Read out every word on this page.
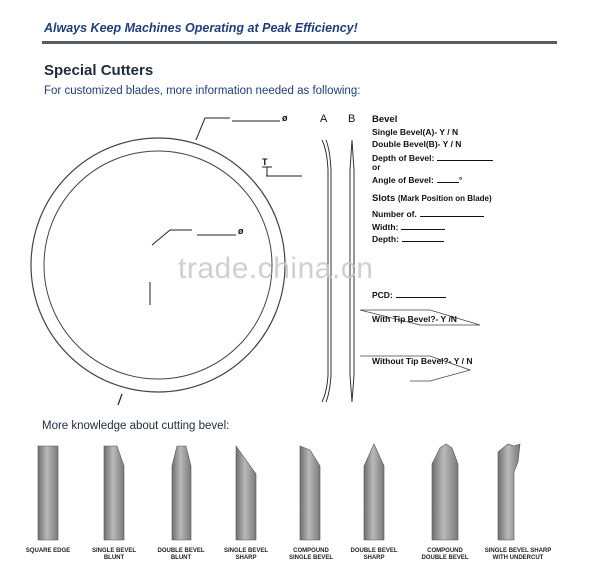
Always Keep Machines Operating at Peak Efficiency!
Special Cutters
For customized blades, more information needed as following:
ø
ø
T
A B Bevel
Single Bevel(A)- Y / N
Double Bevel(B)- Y / N
Depth of Bevel:
or
Angle of Bevel:	°
Slots (Mark Position on Blade)
Number of.
Width:
Depth:
PCD:
With Tip Bevel?- Y /N
Without Tip Bevel?- Y / N
trade.china.cn
More knowledge about cutting bevel:
SQUARE EDGE	SINGLE BEVEL
BLUNT
DOUBLE BEVEL
BLUNT
SINGLE BEVEL
SHARP
COMPOUND
SINGLE BEVEL
DOUBLE BEVEL
SHARP
COMPOUND
DOUBLE BEVEL
SINGLE BEVEL SHARP
WITH UNDERCUT
